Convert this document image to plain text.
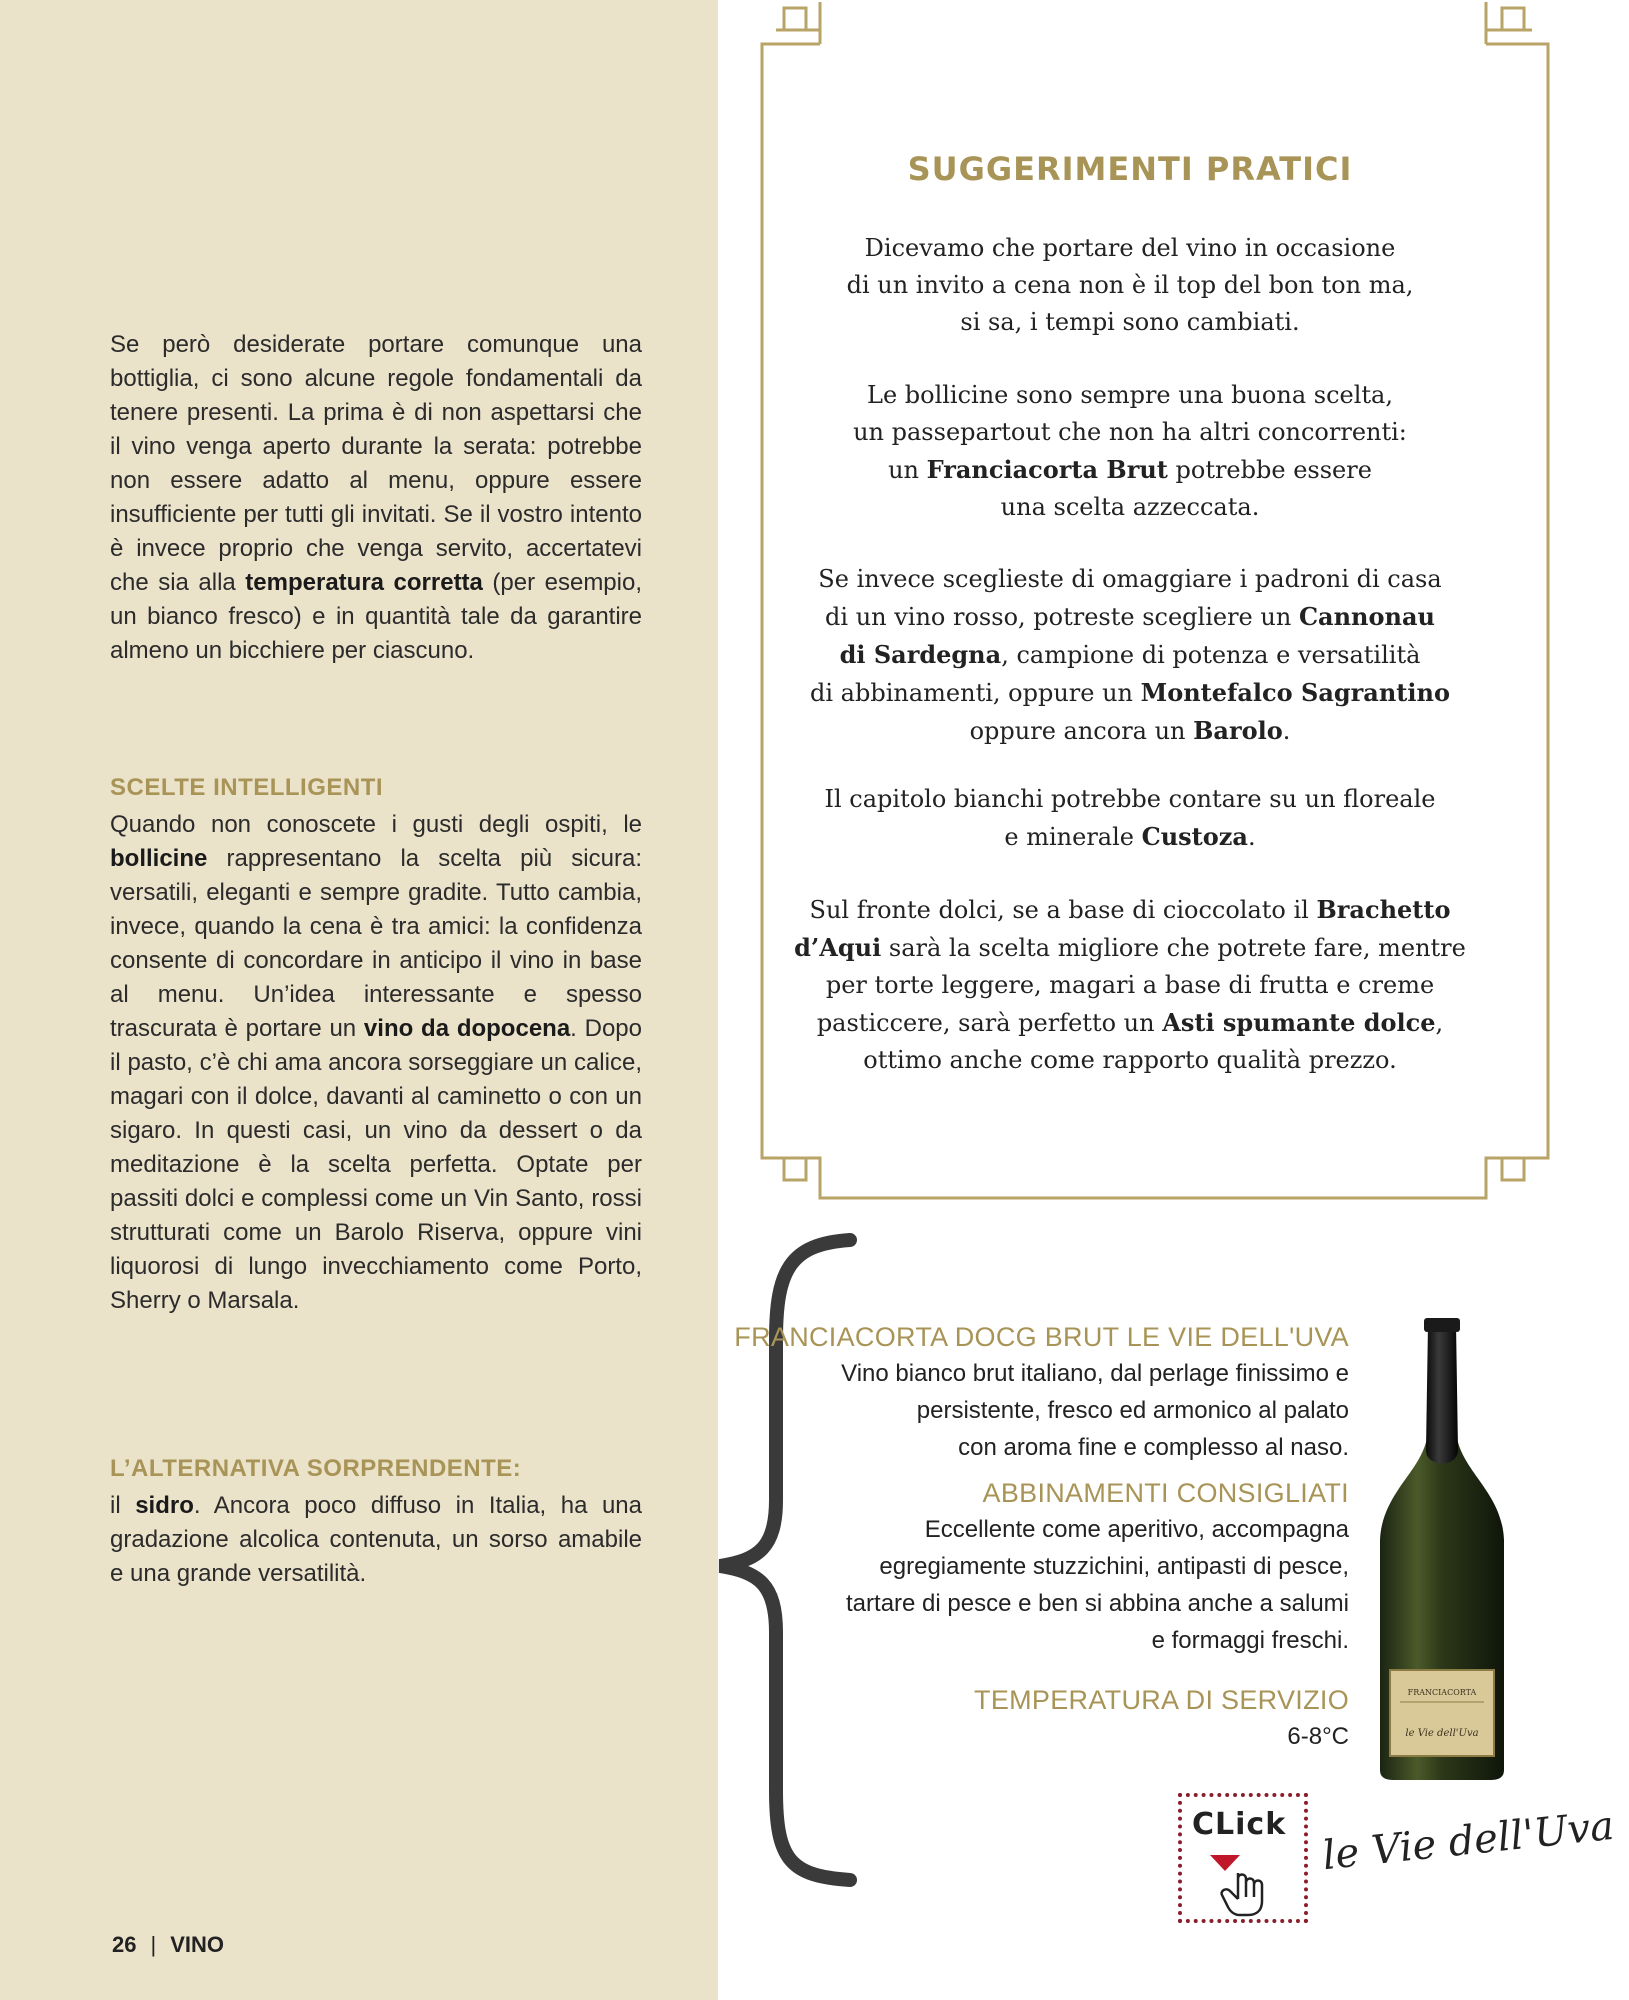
Se però desiderate portare comunque una bottiglia, ci sono alcune regole fondamentali da tenere presenti. La prima è di non aspettarsi che il vino venga aperto durante la serata: potrebbe non essere adatto al menu, oppure essere insufficiente per tutti gli invitati. Se il vostro intento è invece proprio che venga servito, accertatevi che sia alla temperatura corretta (per esempio, un bianco fresco) e in quantità tale da garantire almeno un bicchiere per ciascuno.
SCELTE INTELLIGENTI
Quando non conoscete i gusti degli ospiti, le bollicine rappresentano la scelta più sicura: versatili, eleganti e sempre gradite. Tutto cambia, invece, quando la cena è tra amici: la confidenza consente di concordare in anticipo il vino in base al menu. Un’idea interessante e spesso trascurata è portare un vino da dopocena. Dopo il pasto, c’è chi ama ancora sorseggiare un calice, magari con il dolce, davanti al caminetto o con un sigaro. In questi casi, un vino da dessert o da meditazione è la scelta perfetta. Optate per passiti dolci e complessi come un Vin Santo, rossi strutturati come un Barolo Riserva, oppure vini liquorosi di lungo invecchiamento come Porto, Sherry o Marsala.
L’ALTERNATIVA SORPRENDENTE:
il sidro. Ancora poco diffuso in Italia, ha una gradazione alcolica contenuta, un sorso amabile e una grande versatilità.
SUGGERIMENTI PRATICI
Dicevamo che portare del vino in occasione
di un invito a cena non è il top del bon ton ma,
si sa, i tempi sono cambiati.
Le bollicine sono sempre una buona scelta,
un passepartout che non ha altri concorrenti:
un Franciacorta Brut potrebbe essere
una scelta azzeccata.
Se invece sceglieste di omaggiare i padroni di casa
di un vino rosso, potreste scegliere un Cannonau
di Sardegna, campione di potenza e versatilità
di abbinamenti, oppure un Montefalco Sagrantino
oppure ancora un Barolo.
Il capitolo bianchi potrebbe contare su un floreale
e minerale Custoza.
Sul fronte dolci, se a base di cioccolato il Brachetto
d’Aqui sarà la scelta migliore che potrete fare, mentre
per torte leggere, magari a base di frutta e creme
pasticcere, sarà perfetto un Asti spumante dolce,
ottimo anche come rapporto qualità prezzo.
FRANCIACORTA DOCG BRUT LE VIE DELL'UVA
Vino bianco brut italiano, dal perlage finissimo e
persistente, fresco ed armonico al palato
con aroma fine e complesso al naso.
ABBINAMENTI CONSIGLIATI
Eccellente come aperitivo, accompagna
egregiamente stuzzichini, antipasti di pesce,
tartare di pesce e ben si abbina anche a salumi
e formaggi freschi.
TEMPERATURA DI SERVIZIO
6-8°C
FRANCIACORTA
le Vie dell'Uva
CLick le Vie dell'Uva
26 | VINO
